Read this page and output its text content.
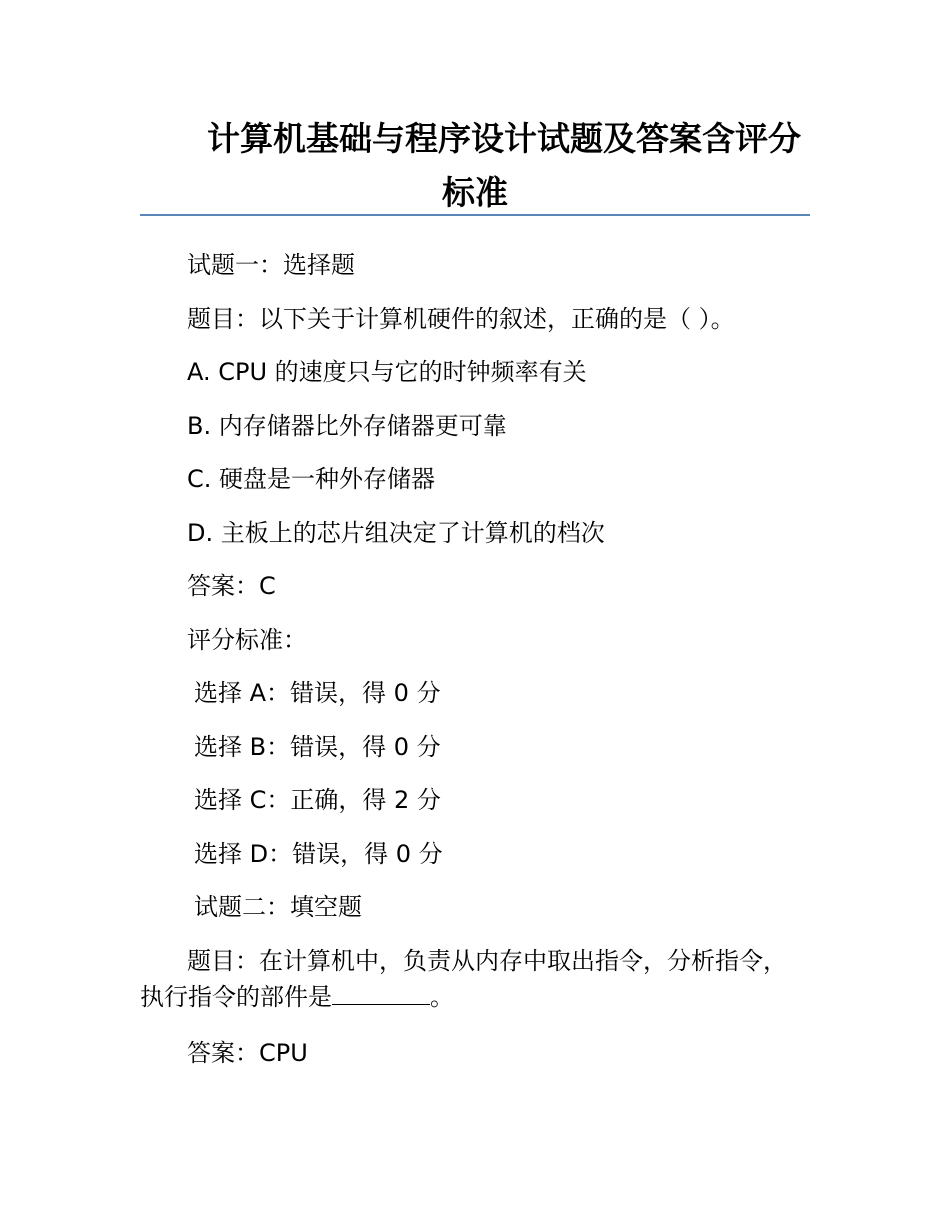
计算机基础与程序设计试题及答案含评分
标准
试题一：选择题
题目：以下关于计算机硬件的叙述，正确的是（ ）。
A. CPU 的速度只与它的时钟频率有关
B. 内存储器比外存储器更可靠
C. 硬盘是一种外存储器
D. 主板上的芯片组决定了计算机的档次
答案：C
评分标准：
选择 A：错误，得 0 分
选择 B：错误，得 0 分
选择 C：正确，得 2 分
选择 D：错误，得 0 分
试题二：填空题
题目：在计算机中，负责从内存中取出指令，分析指令，执行指令的部件是	。
答案：CPU
